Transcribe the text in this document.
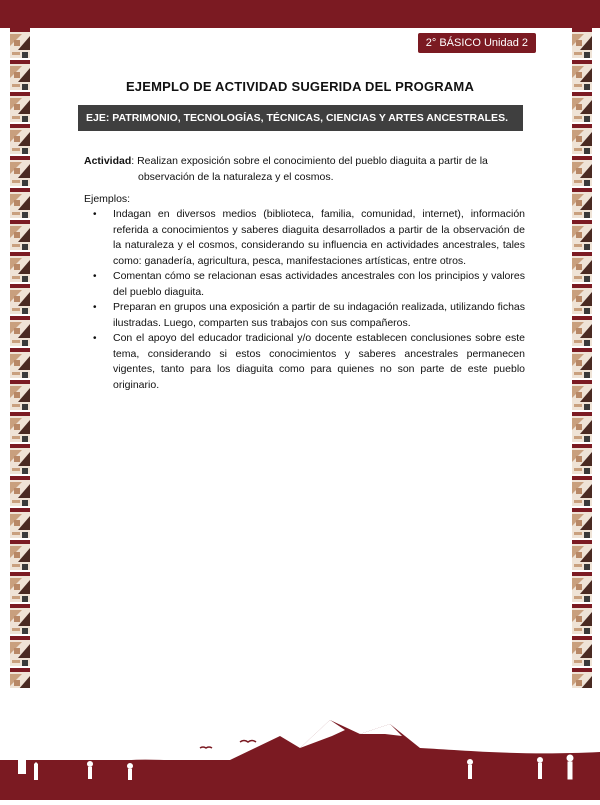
2° BÁSICO Unidad 2
EJEMPLO DE ACTIVIDAD SUGERIDA DEL PROGRAMA
EJE: PATRIMONIO, TECNOLOGÍAS, TÉCNICAS, CIENCIAS Y ARTES ANCESTRALES.
Actividad: Realizan exposición sobre el conocimiento del pueblo diaguita a partir de la
observación de la naturaleza y el cosmos.
Ejemplos:
• Indagan en diversos medios (biblioteca, familia, comunidad, internet), información referida a conocimientos y saberes diaguita desarrollados a partir de la observación de la naturaleza y el cosmos, considerando su influencia en actividades ancestrales, tales como: ganadería, agricultura, pesca, manifestaciones artísticas, entre otros.
• Comentan cómo se relacionan esas actividades ancestrales con los principios y valores del pueblo diaguita.
• Preparan en grupos una exposición a partir de su indagación realizada, utilizando fichas ilustradas. Luego, comparten sus trabajos con sus compañeros.
• Con el apoyo del educador tradicional y/o docente establecen conclusiones sobre este tema, considerando si estos conocimientos y saberes ancestrales permanecen vigentes, tanto para los diaguita como para quienes no son parte de este pueblo originario.
